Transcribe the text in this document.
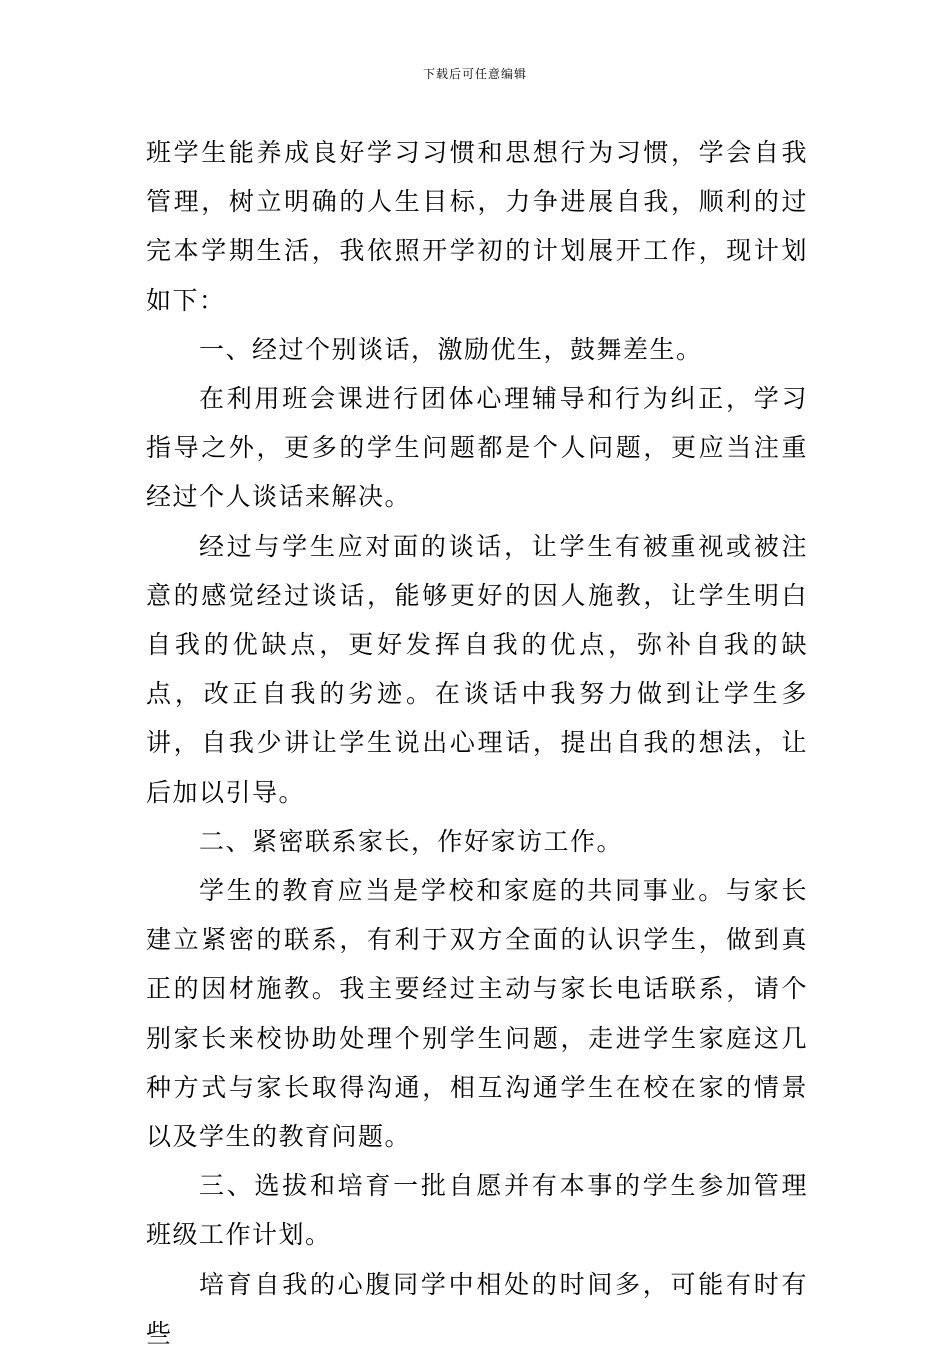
下载后可任意编辑

班学生能养成良好学习习惯和思想行为习惯，学会自我管理，树立明确的人生目标，力争进展自我，顺利的过完本学期生活，我依照开学初的计划展开工作，现计划如下：

一、经过个别谈话，激励优生，鼓舞差生。

在利用班会课进行团体心理辅导和行为纠正，学习指导之外，更多的学生问题都是个人问题，更应当注重经过个人谈话来解决。

经过与学生应对面的谈话，让学生有被重视或被注意的感觉经过谈话，能够更好的因人施教，让学生明白自我的优缺点，更好发挥自我的优点，弥补自我的缺点，改正自我的劣迹。在谈话中我努力做到让学生多讲，自我少讲让学生说出心理话，提出自我的想法，让后加以引导。

二、紧密联系家长，作好家访工作。

学生的教育应当是学校和家庭的共同事业。与家长建立紧密的联系，有利于双方全面的认识学生，做到真正的因材施教。我主要经过主动与家长电话联系，请个别家长来校协助处理个别学生问题，走进学生家庭这几种方式与家长取得沟通，相互沟通学生在校在家的情景以及学生的教育问题。

三、选拔和培育一批自愿并有本事的学生参加管理班级工作计划。

培育自我的心腹同学中相处的时间多，可能有时有些
